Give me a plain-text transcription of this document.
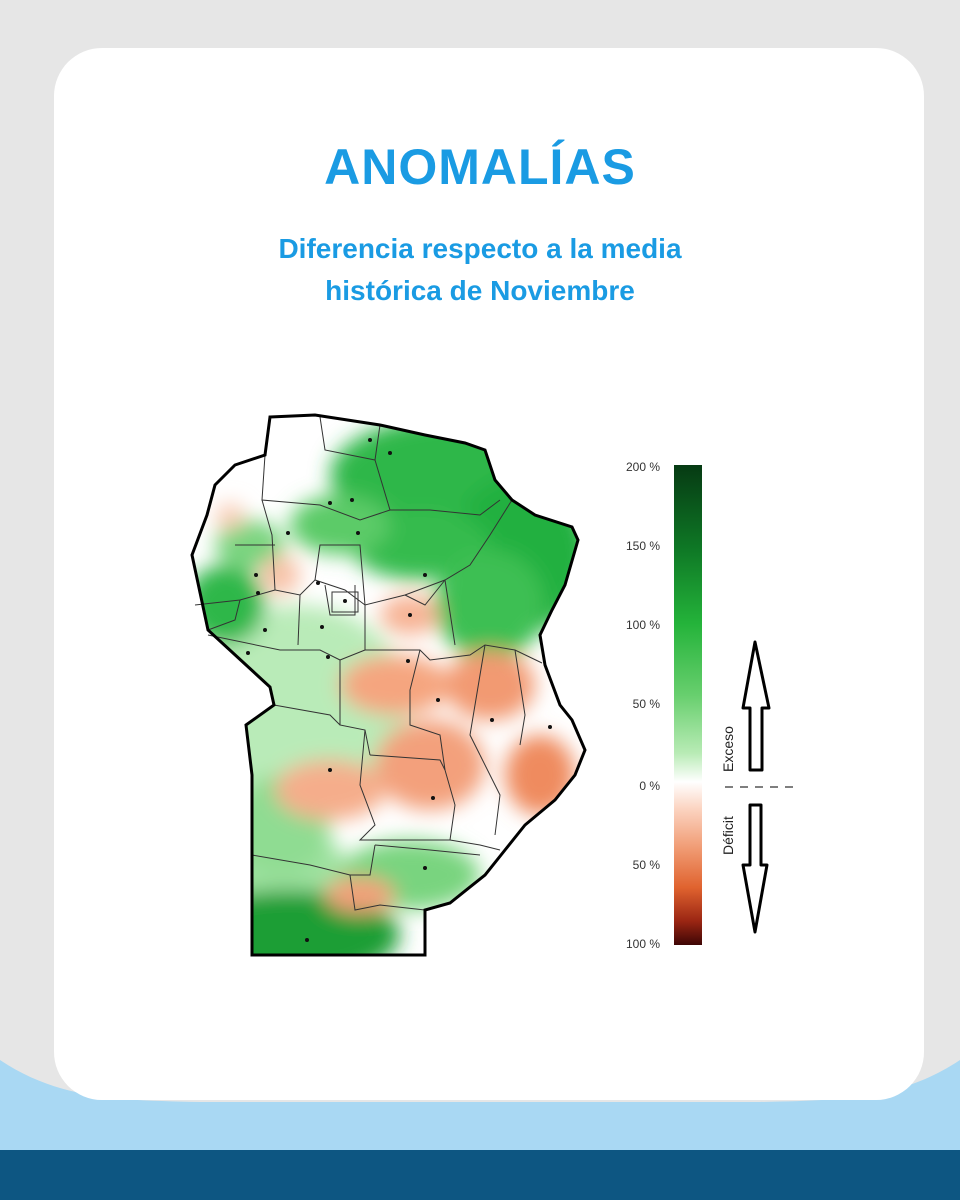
ANOMALÍAS
Diferencia respecto a la media
histórica de Noviembre
200 %
150 %
100 %
50 %
0 %
50 %
100 %
Exceso
Déficit
